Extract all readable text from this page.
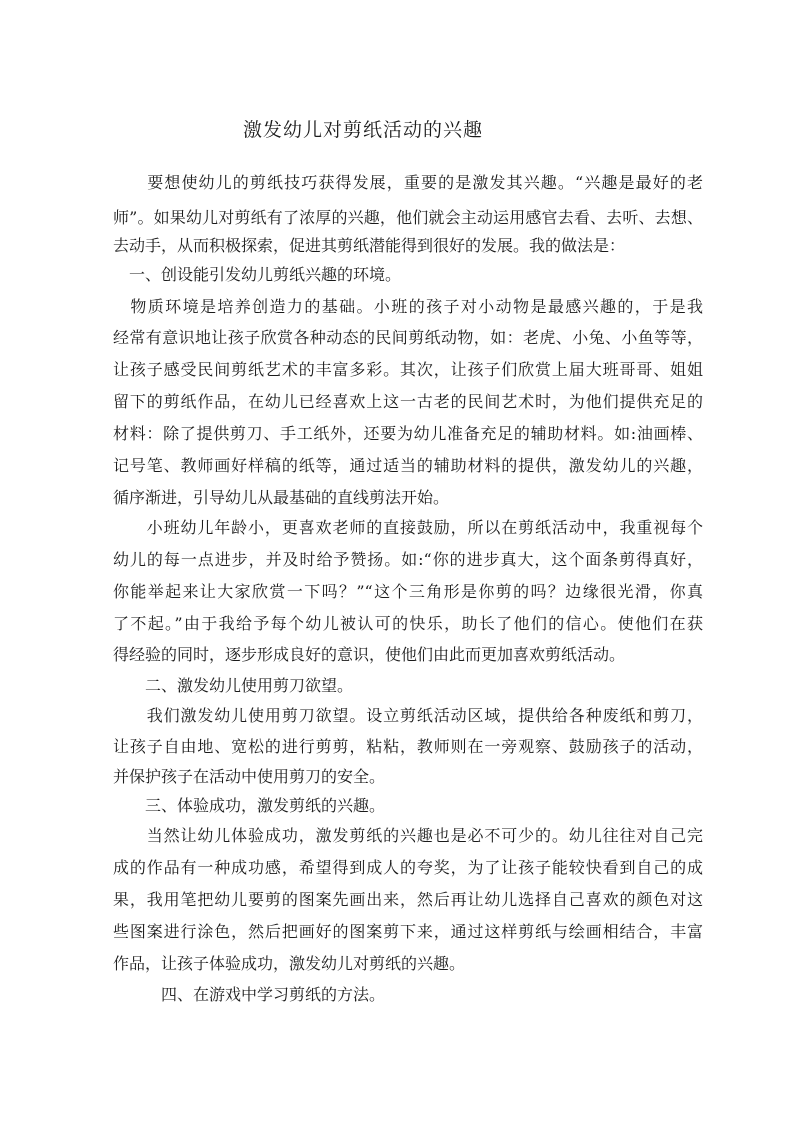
激发幼儿对剪纸活动的兴趣
　　要想使幼儿的剪纸技巧获得发展，重要的是激发其兴趣。“兴趣是最好的老
师”。如果幼儿对剪纸有了浓厚的兴趣，他们就会主动运用感官去看、去听、去想、
去动手，从而积极探索，促进其剪纸潜能得到很好的发展。我的做法是：
　一、创设能引发幼儿剪纸兴趣的环境。
　物质环境是培养创造力的基础。小班的孩子对小动物是最感兴趣的，于是我
经常有意识地让孩子欣赏各种动态的民间剪纸动物，如：老虎、小兔、小鱼等等，
让孩子感受民间剪纸艺术的丰富多彩。其次，让孩子们欣赏上届大班哥哥、姐姐
留下的剪纸作品，在幼儿已经喜欢上这一古老的民间艺术时，为他们提供充足的
材料：除了提供剪刀、手工纸外，还要为幼儿准备充足的辅助材料。如:油画棒、
记号笔、教师画好样稿的纸等，通过适当的辅助材料的提供，激发幼儿的兴趣，
循序渐进，引导幼儿从最基础的直线剪法开始。
　　小班幼儿年龄小，更喜欢老师的直接鼓励，所以在剪纸活动中，我重视每个
幼儿的每一点进步，并及时给予赞扬。如:“你的进步真大，这个面条剪得真好，
你能举起来让大家欣赏一下吗？”“这个三角形是你剪的吗？边缘很光滑，你真
了不起。”由于我给予每个幼儿被认可的快乐，助长了他们的信心。使他们在获
得经验的同时，逐步形成良好的意识，使他们由此而更加喜欢剪纸活动。
　　二、激发幼儿使用剪刀欲望。
　　我们激发幼儿使用剪刀欲望。设立剪纸活动区域，提供给各种废纸和剪刀，
让孩子自由地、宽松的进行剪剪，粘粘，教师则在一旁观察、鼓励孩子的活动，
并保护孩子在活动中使用剪刀的安全。
　　三、体验成功，激发剪纸的兴趣。
　　当然让幼儿体验成功，激发剪纸的兴趣也是必不可少的。幼儿往往对自己完
成的作品有一种成功感，希望得到成人的夸奖，为了让孩子能较快看到自己的成
果，我用笔把幼儿要剪的图案先画出来，然后再让幼儿选择自己喜欢的颜色对这
些图案进行涂色，然后把画好的图案剪下来，通过这样剪纸与绘画相结合，丰富
作品，让孩子体验成功，激发幼儿对剪纸的兴趣。
　　　四、在游戏中学习剪纸的方法。
